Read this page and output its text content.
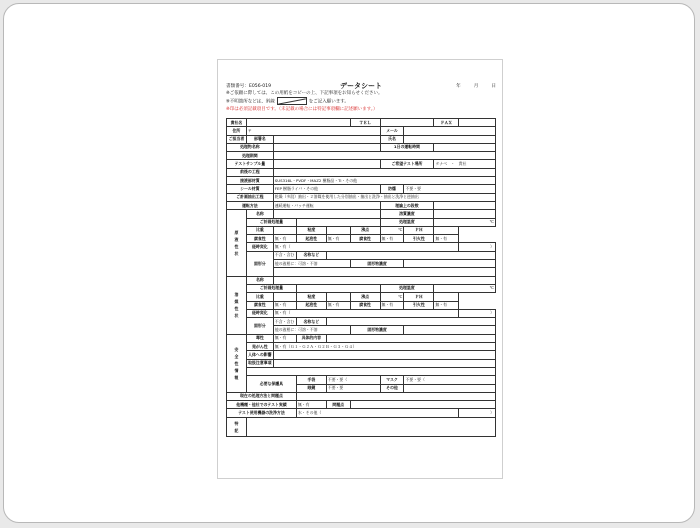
書類番号：E056-019	データシート	年	月	日
※ご依頼に際しては、この用紙をコピーの上、下記事項をお知らせください。
※不明箇所などは、斜線	をご記入願います。
※印は必須記載項目です。（未記載の場合には特記事項欄に記述願います。）
貴社名					ＴＥＬ			ＦＡＸ	
住所	〒					メール			
ご担当者	部署名					氏名			
処理物名称						1日の運転時間			
処理期間									
テストサンプル量						ご希望テスト場所		タナベ　・　貴社	
前後の工程									
接液部材質		SUS316L・PVDF・MAZ2 樹脂品・Ti・その他							
シール材質		FEP 樹脂ライバ・その他				防爆	不要・要		
ご計画抽出工程		乾燥（多段）抽出・２溶媒を使用した分別抽出・抽出と洗浄・抽出と洗浄と逆抽出							
運転方法		連続運転・バッチ運転				理論上の段数			
原
液
性
状	名称					溶質濃度			
	ご計画処理量					処理温度		℃	
	比重		粘度		沸点	℃	ＰＨ		
	腐食性	無・有	起泡性	無・有	腐食性	無・有	引火性	無・有	
	経時変化	無・有（							）
	固形分	不含・含む	名称など						
		他の液相に：可溶・不溶			固形物濃度				

溶
媒
性
状	名称								
	ご計画処理量					処理温度		℃	
	比重		粘度		沸点	℃	ＰＨ		
	腐食性	無・有	起泡性	無・有	腐食性	無・有	引火性	無・有	
	経時変化	無・有（							）
	固形分	不含・含む	名称など						
		他の液相に：可溶・不溶			固形物濃度				
安
全
性
情
報	毒性	無・有	具体的内容						
	発がん性	無・有（Ｇ１・Ｇ２Ａ・Ｇ２Ｂ・Ｇ３・Ｇ４）							
	人体への影響								
	取扱注意事項								

	必要な保護具		手袋	不要・要（		マスク	不要・要（		
			眼鏡	不要・要		その他			
現在の処理方法と問題点									
他機種・他社でのテスト実績			無・有	問題点					
テスト使用機器の洗浄方法			水・その他（						）
特
記									
